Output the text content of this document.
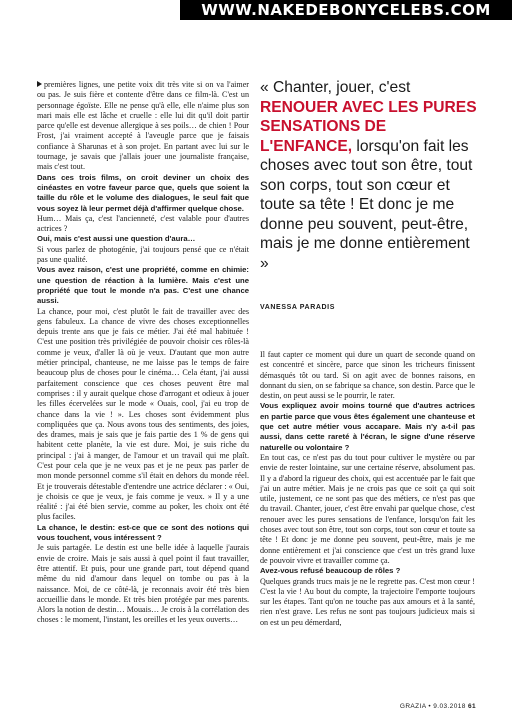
WWW.NAKEDEBONYCELEBS.COM

premières lignes, une petite voix dit très vite si on va l'aimer ou pas. Je suis fière et contente d'être dans ce film-là. C'est un personnage égoïste. Elle ne pense qu'à elle, elle n'aime plus son mari mais elle est lâche et cruelle : elle lui dit qu'il doit partir parce qu'elle est devenue allergique à ses poils… de chien ! Pour Frost, j'ai vraiment accepté à l'aveugle parce que je faisais confiance à Sharunas et à son projet. En partant avec lui sur le tournage, je savais que j'allais jouer une journaliste française, mais c'est tout.

Dans ces trois films, on croit deviner un choix des cinéastes en votre faveur parce que, quels que soient la taille du rôle et le volume des dialogues, le seul fait que vous soyez là leur permet déjà d'affirmer quelque chose.

Hum… Mais ça, c'est l'ancienneté, c'est valable pour d'autres actrices ?

Oui, mais c'est aussi une question d'aura…

Si vous parlez de photogénie, j'ai toujours pensé que ce n'était pas une qualité.

Vous avez raison, c'est une propriété, comme en chimie: une question de réaction à la lumière. Mais c'est une propriété que tout le monde n'a pas. C'est une chance aussi.

La chance, pour moi, c'est plutôt le fait de travailler avec des gens fabuleux. La chance de vivre des choses exceptionnelles depuis trente ans que je fais ce métier. J'ai été mal habituée ! C'est une position très privilégiée de pouvoir choisir ces rôles-là comme je veux, d'aller là où je veux. D'autant que mon autre métier principal, chanteuse, ne me laisse pas le temps de faire beaucoup plus de choses pour le cinéma… Cela étant, j'ai aussi parfaitement conscience que ces choses peuvent être mal comprises : il y aurait quelque chose d'arrogant et odieux à jouer les filles écervelées sur le mode « Ouais, cool, j'ai eu trop de chance dans la vie ! ». Les choses sont évidemment plus compliquées que ça. Nous avons tous des sentiments, des joies, des drames, mais je sais que je fais partie des 1 % de gens qui habitent cette planète, la vie est dure. Moi, je suis riche du principal : j'ai à manger, de l'amour et un travail qui me plaît. C'est pour cela que je ne veux pas et je ne peux pas parler de mon monde personnel comme s'il était en dehors du monde réel. Et je trouverais détestable d'entendre une actrice déclarer : « Oui, je choisis ce que je veux, je fais comme je veux. » Il y a une réalité : j'ai été bien servie, comme au poker, les choix ont été plus faciles.

La chance, le destin: est-ce que ce sont des notions qui vous touchent, vous intéressent ?

Je suis partagée. Le destin est une belle idée à laquelle j'aurais envie de croire. Mais je sais aussi à quel point il faut travailler, être attentif. Et puis, pour une grande part, tout dépend quand même du nid d'amour dans lequel on tombe ou pas à la naissance. Moi, de ce côté-là, je reconnais avoir été très bien accueillie dans le monde. Et très bien protégée par mes parents. Alors la notion de destin… Mouais… Je crois à la corrélation des choses : le moment, l'instant, les oreilles et les yeux ouverts…

« Chanter, jouer, c'est RENOUER AVEC LES PURES SENSATIONS DE L'ENFANCE, lorsqu'on fait les choses avec tout son être, tout son corps, tout son cœur et toute sa tête ! Et donc je me donne peu souvent, peut-être, mais je me donne entièrement »
VANESSA PARADIS

Il faut capter ce moment qui dure un quart de seconde quand on est concentré et sincère, parce que sinon les tricheurs finissent démasqués tôt ou tard. Si on agit avec de bonnes raisons, en donnant du sien, on se fabrique sa chance, son destin. Parce que le destin, on peut aussi se le pourrir, le rater.

Vous expliquez avoir moins tourné que d'autres actrices en partie parce que vous êtes également une chanteuse et que cet autre métier vous accapare. Mais n'y a-t-il pas aussi, dans cette rareté à l'écran, le signe d'une réserve naturelle ou volontaire ?

En tout cas, ce n'est pas du tout pour cultiver le mystère ou par envie de rester lointaine, sur une certaine réserve, absolument pas. Il y a d'abord la rigueur des choix, qui est accentuée par le fait que j'ai un autre métier. Mais je ne crois pas que ce soit ça qui soit utile, justement, ce ne sont pas que des métiers, ce n'est pas que du travail. Chanter, jouer, c'est être envahi par quelque chose, c'est renouer avec les pures sensations de l'enfance, lorsqu'on fait les choses avec tout son être, tout son corps, tout son cœur et toute sa tête ! Et donc je me donne peu souvent, peut-être, mais je me donne entièrement et j'ai conscience que c'est un très grand luxe de pouvoir vivre et travailler comme ça.

Avez-vous refusé beaucoup de rôles ?

Quelques grands trucs mais je ne le regrette pas. C'est mon cœur ! C'est la vie ! Au bout du compte, la trajectoire l'emporte toujours sur les étapes. Tant qu'on ne touche pas aux amours et à la santé, rien n'est grave. Les refus ne sont pas toujours judicieux mais si on est un peu démerdard,

GRAZIA • 9.03.2018 61
